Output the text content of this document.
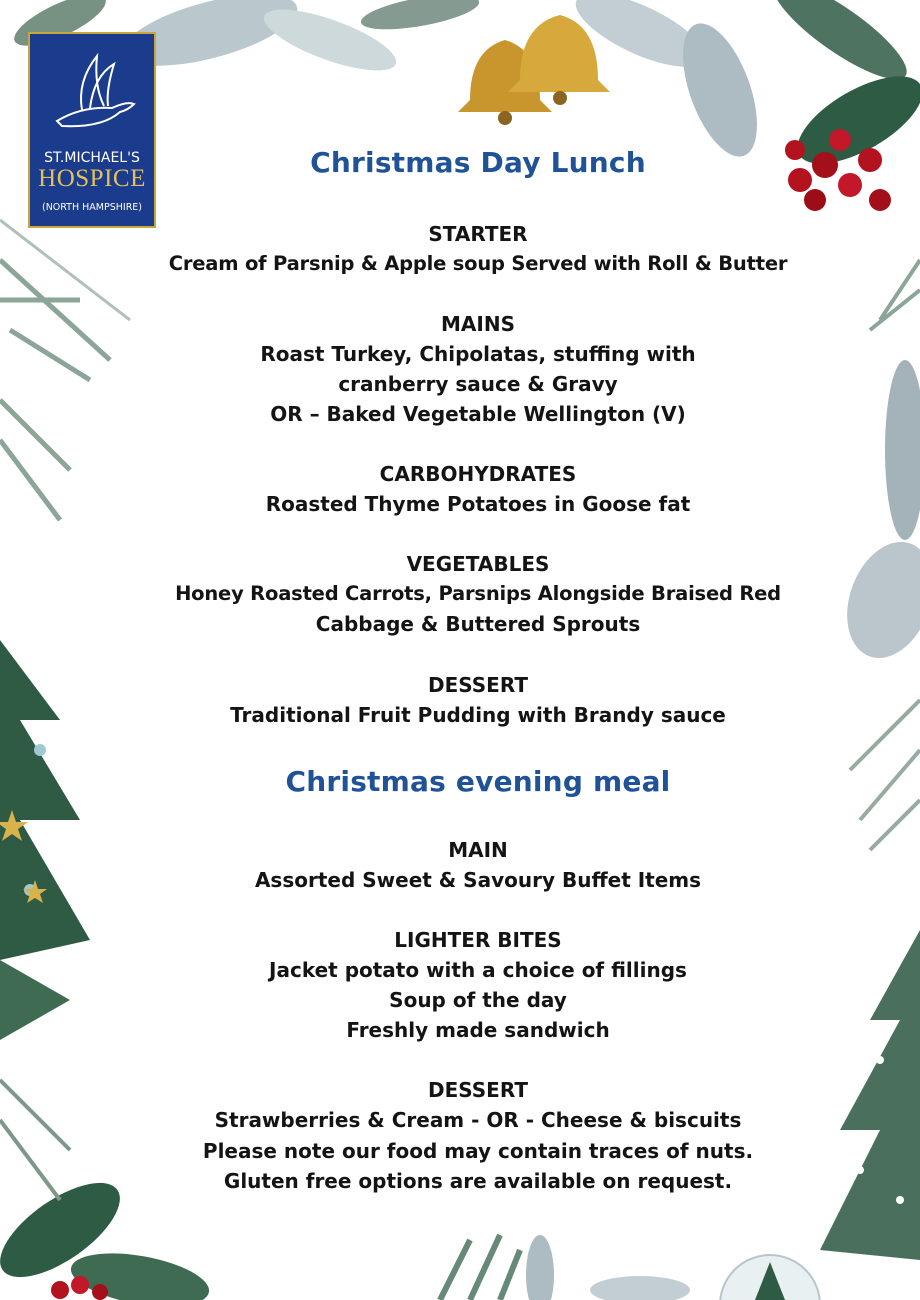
ST.MICHAEL'S
HOSPICE
(NORTH HAMPSHIRE)
Christmas Day Lunch
STARTER
Cream of Parsnip & Apple soup Served with Roll & Butter
MAINS
Roast Turkey, Chipolatas, stuffing with
cranberry sauce & Gravy
OR – Baked Vegetable Wellington (V)
CARBOHYDRATES
Roasted Thyme Potatoes in Goose fat
VEGETABLES
Honey Roasted Carrots, Parsnips Alongside Braised Red
Cabbage & Buttered Sprouts
DESSERT
Traditional Fruit Pudding with Brandy sauce
Christmas evening meal
MAIN
Assorted Sweet & Savoury Buffet Items
LIGHTER BITES
Jacket potato with a choice of fillings
Soup of the day
Freshly made sandwich
DESSERT
Strawberries & Cream - OR - Cheese & biscuits
Please note our food may contain traces of nuts.
Gluten free options are available on request.
